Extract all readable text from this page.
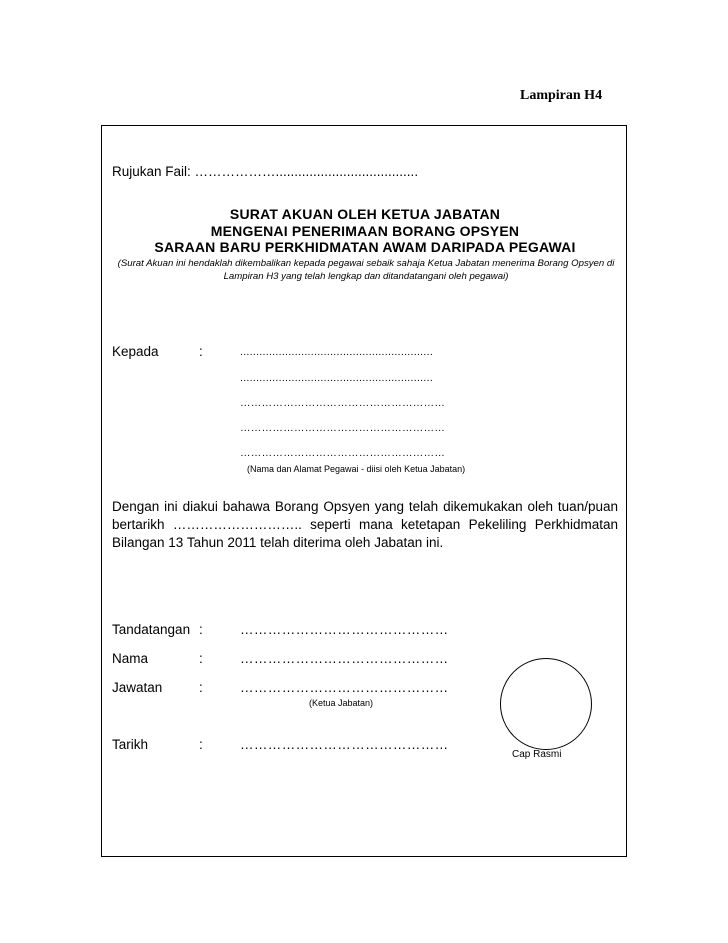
Lampiran H4
Rujukan Fail: ………………......................................
SURAT AKUAN OLEH KETUA JABATAN
MENGENAI PENERIMAAN BORANG OPSYEN
SARAAN BARU PERKHIDMATAN AWAM DARIPADA PEGAWAI
(Surat Akuan ini hendaklah dikembalikan kepada pegawai sebaik sahaja Ketua Jabatan menerima Borang Opsyen di Lampiran H3 yang telah lengkap dan ditandatangani oleh pegawai)
Kepada	:	............................................................
............................................................
…………………………………………………
…………………………………………………
…………………………………………………
(Nama dan Alamat Pegawai - diisi oleh Ketua Jabatan)
Dengan ini diakui bahawa Borang Opsyen yang telah dikemukakan oleh tuan/puan bertarikh ……………………….. seperti mana ketetapan Pekeliling Perkhidmatan Bilangan 13 Tahun 2011 telah diterima oleh Jabatan ini.
Tandatangan :	………………………………………
Nama	:	………………………………………
Jawatan	:	………………………………………
(Ketua Jabatan)
Tarikh	:	………………………………………
Cap Rasmi
